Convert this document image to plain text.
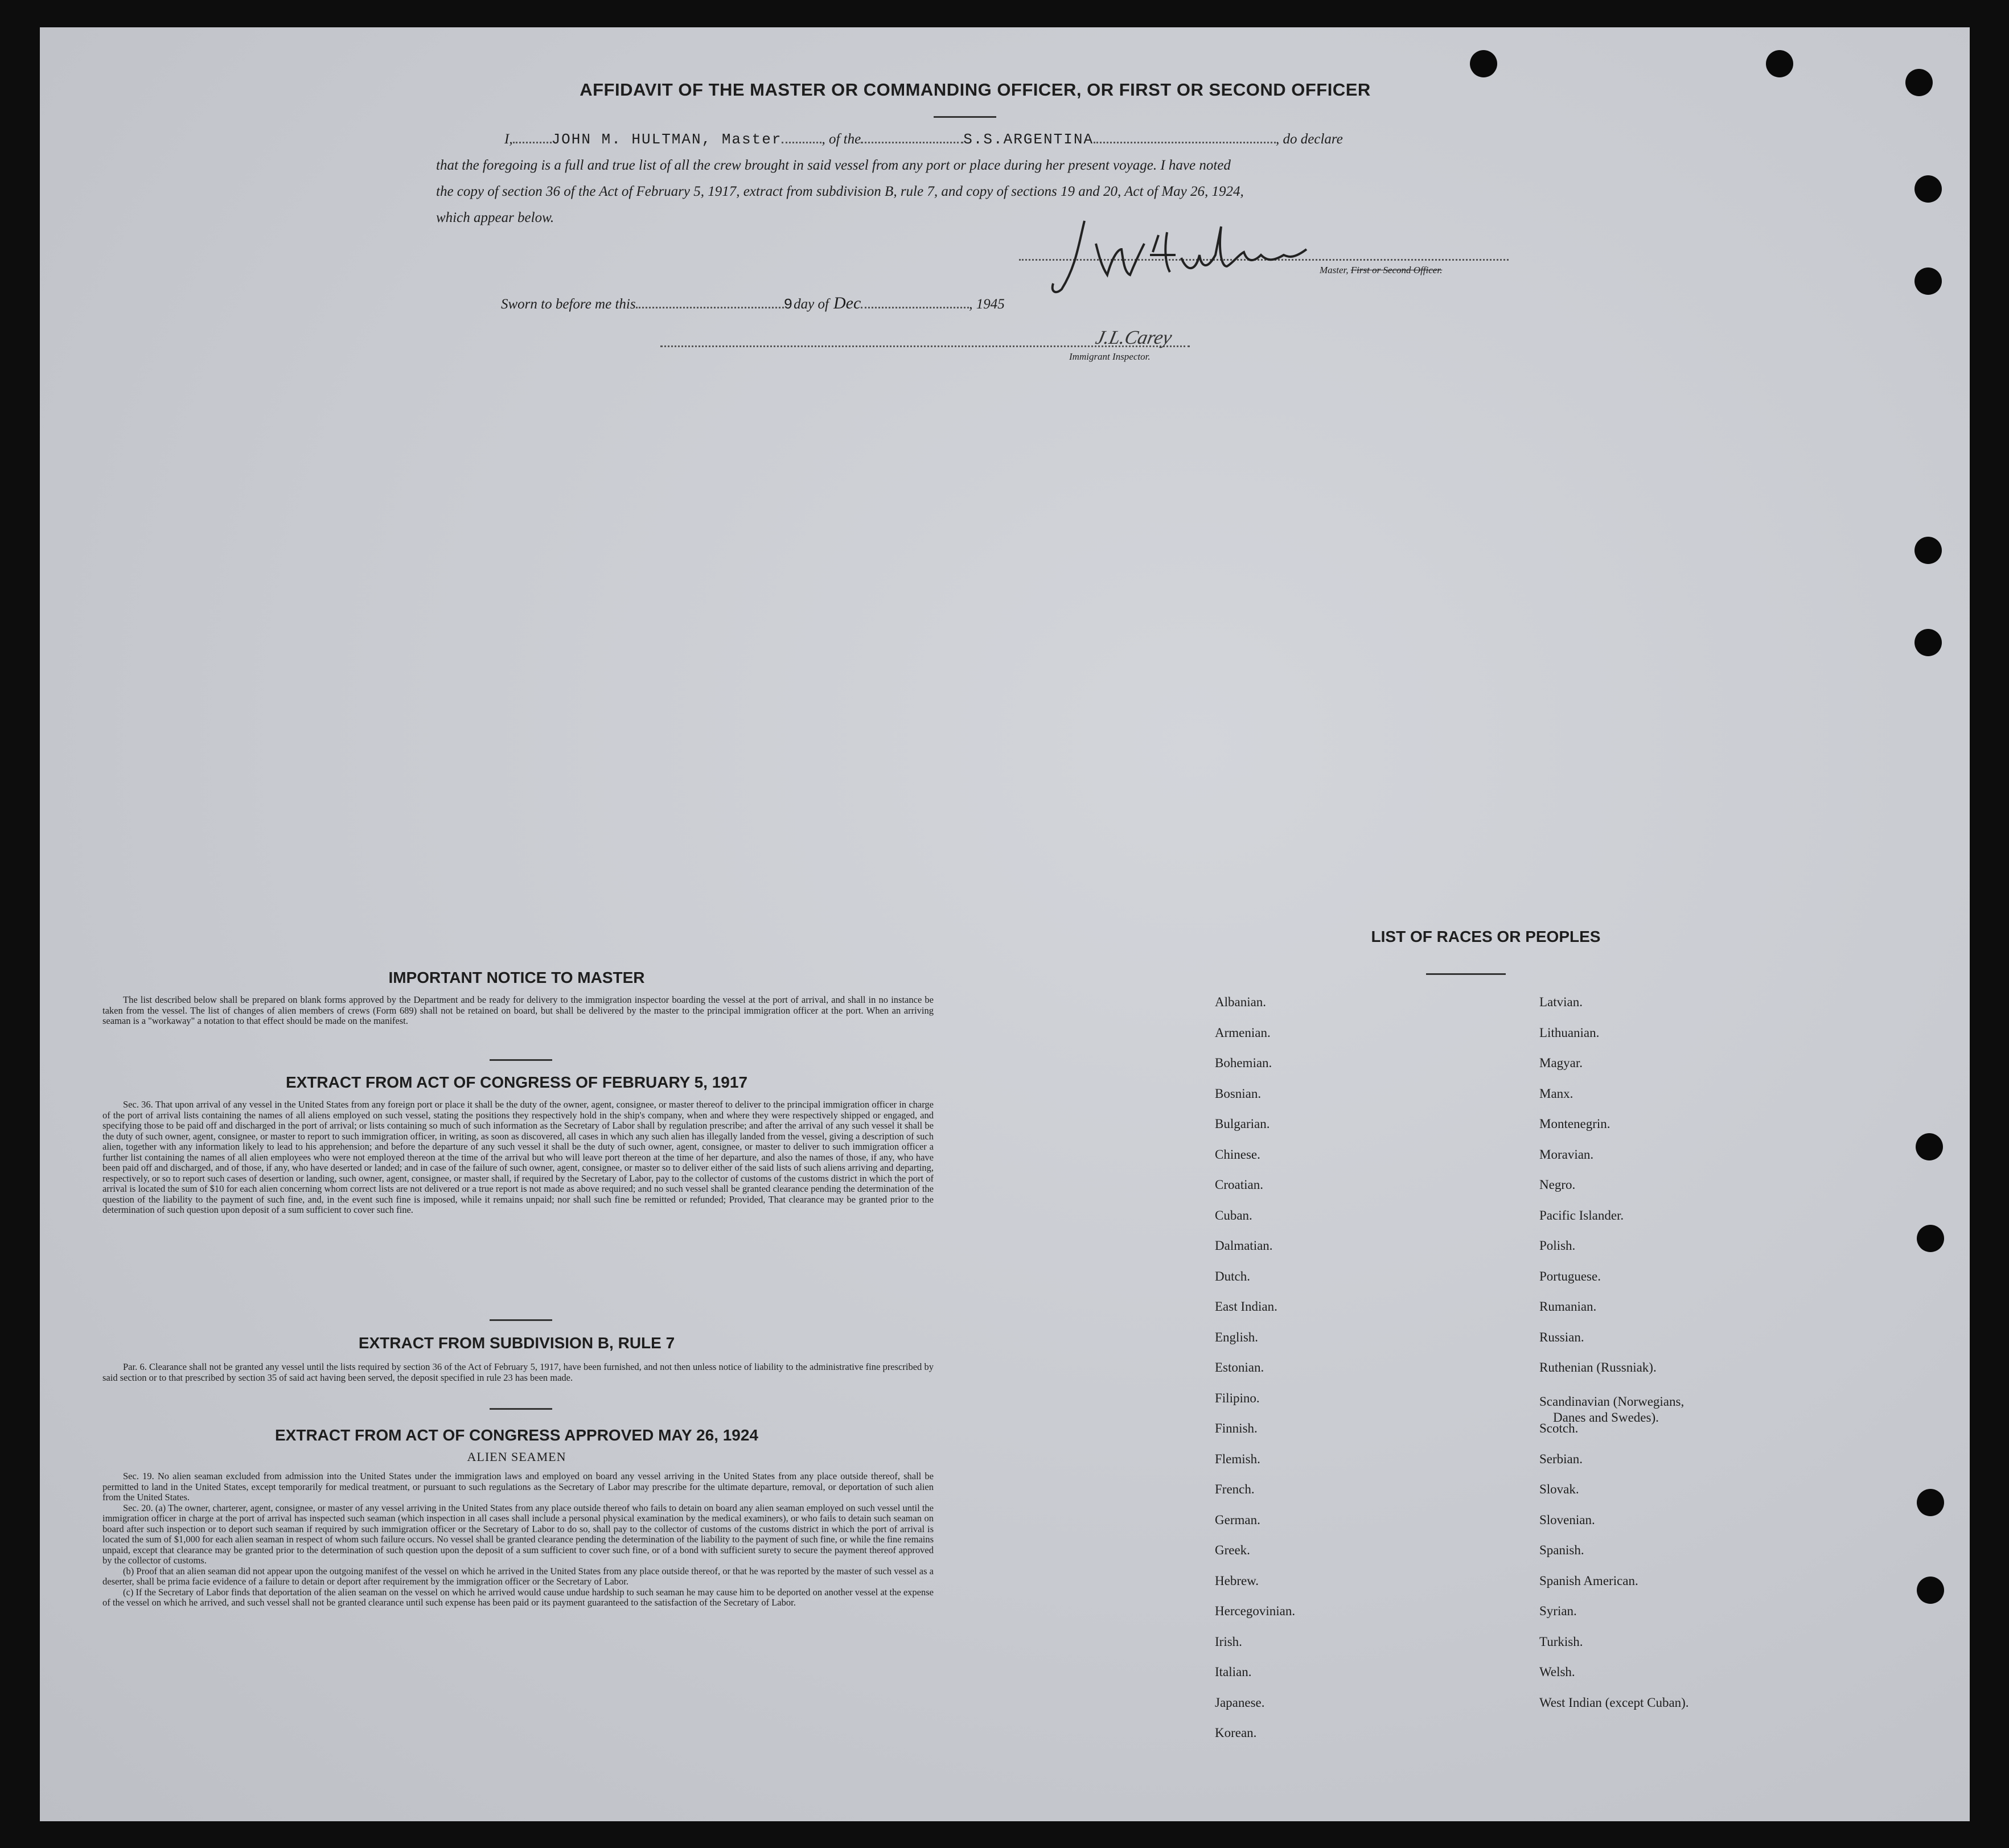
AFFIDAVIT OF THE MASTER OR COMMANDING OFFICER, OR FIRST OR SECOND OFFICER
I,	JOHN M. HULTMAN, Master	, of the	S.S.ARGENTINA	, do declare
that the foregoing is a full and true list of all the crew brought in said vessel from any port or place during her present voyage. I have noted
the copy of section 36 of the Act of February 5, 1917, extract from subdivision B, rule 7, and copy of sections 19 and 20, Act of May 26, 1924,
which appear below.
Master, First or Second Officer.
Sworn to before me this	9day of Dec	, 1945
J.L.Carey
Immigrant Inspector.
IMPORTANT NOTICE TO MASTER
The list described below shall be prepared on blank forms approved by the Department and be ready for delivery to the immigration inspector boarding the vessel at the port of arrival, and shall in no instance be taken from the vessel. The list of changes of alien members of crews (Form 689) shall not be retained on board, but shall be delivered by the master to the principal immigration officer at the port. When an arriving seaman is a "workaway" a notation to that effect should be made on the manifest.
EXTRACT FROM ACT OF CONGRESS OF FEBRUARY 5, 1917
Sec. 36. That upon arrival of any vessel in the United States from any foreign port or place it shall be the duty of the owner, agent, consignee, or master thereof to deliver to the principal immigration officer in charge of the port of arrival lists containing the names of all aliens employed on such vessel, stating the positions they respectively hold in the ship's company, when and where they were respectively shipped or engaged, and specifying those to be paid off and discharged in the port of arrival; or lists containing so much of such information as the Secretary of Labor shall by regulation prescribe; and after the arrival of any such vessel it shall be the duty of such owner, agent, consignee, or master to report to such immigration officer, in writing, as soon as discovered, all cases in which any such alien has illegally landed from the vessel, giving a description of such alien, together with any information likely to lead to his apprehension; and before the departure of any such vessel it shall be the duty of such owner, agent, consignee, or master to deliver to such immigration officer a further list containing the names of all alien employees who were not employed thereon at the time of the arrival but who will leave port thereon at the time of her departure, and also the names of those, if any, who have been paid off and discharged, and of those, if any, who have deserted or landed; and in case of the failure of such owner, agent, consignee, or master so to deliver either of the said lists of such aliens arriving and departing, respectively, or so to report such cases of desertion or landing, such owner, agent, consignee, or master shall, if required by the Secretary of Labor, pay to the collector of customs of the customs district in which the port of arrival is located the sum of $10 for each alien concerning whom correct lists are not delivered or a true report is not made as above required; and no such vessel shall be granted clearance pending the determination of the question of the liability to the payment of such fine, and, in the event such fine is imposed, while it remains unpaid; nor shall such fine be remitted or refunded; Provided, That clearance may be granted prior to the determination of such question upon deposit of a sum sufficient to cover such fine.
EXTRACT FROM SUBDIVISION B, RULE 7
Par. 6. Clearance shall not be granted any vessel until the lists required by section 36 of the Act of February 5, 1917, have been furnished, and not then unless notice of liability to the administrative fine prescribed by said section or to that prescribed by section 35 of said act having been served, the deposit specified in rule 23 has been made.
EXTRACT FROM ACT OF CONGRESS APPROVED MAY 26, 1924
ALIEN SEAMEN
Sec. 19. No alien seaman excluded from admission into the United States under the immigration laws and employed on board any vessel arriving in the United States from any place outside thereof, shall be permitted to land in the United States, except temporarily for medical treatment, or pursuant to such regulations as the Secretary of Labor may prescribe for the ultimate departure, removal, or deportation of such alien from the United States.
Sec. 20. (a) The owner, charterer, agent, consignee, or master of any vessel arriving in the United States from any place outside thereof who fails to detain on board any alien seaman employed on such vessel until the immigration officer in charge at the port of arrival has inspected such seaman (which inspection in all cases shall include a personal physical examination by the medical examiners), or who fails to detain such seaman on board after such inspection or to deport such seaman if required by such immigration officer or the Secretary of Labor to do so, shall pay to the collector of customs of the customs district in which the port of arrival is located the sum of $1,000 for each alien seaman in respect of whom such failure occurs. No vessel shall be granted clearance pending the determination of the liability to the payment of such fine, or while the fine remains unpaid, except that clearance may be granted prior to the determination of such question upon the deposit of a sum sufficient to cover such fine, or of a bond with sufficient surety to secure the payment thereof approved by the collector of customs.
(b) Proof that an alien seaman did not appear upon the outgoing manifest of the vessel on which he arrived in the United States from any place outside thereof, or that he was reported by the master of such vessel as a deserter, shall be prima facie evidence of a failure to detain or deport after requirement by the immigration officer or the Secretary of Labor.
(c) If the Secretary of Labor finds that deportation of the alien seaman on the vessel on which he arrived would cause undue hardship to such seaman he may cause him to be deported on another vessel at the expense of the vessel on which he arrived, and such vessel shall not be granted clearance until such expense has been paid or its payment guaranteed to the satisfaction of the Secretary of Labor.
LIST OF RACES OR PEOPLES
Albanian.
Armenian.
Bohemian.
Bosnian.
Bulgarian.
Chinese.
Croatian.
Cuban.
Dalmatian.
Dutch.
East Indian.
English.
Estonian.
Filipino.
Finnish.
Flemish.
French.
German.
Greek.
Hebrew.
Hercegovinian.
Irish.
Italian.
Japanese.
Korean.
Latvian.
Lithuanian.
Magyar.
Manx.
Montenegrin.
Moravian.
Negro.
Pacific Islander.
Polish.
Portuguese.
Rumanian.
Russian.
Ruthenian (Russniak).
Scandinavian (Norwegians,
Danes and Swedes).
Scotch.
Serbian.
Slovak.
Slovenian.
Spanish.
Spanish American.
Syrian.
Turkish.
Welsh.
West Indian (except Cuban).
